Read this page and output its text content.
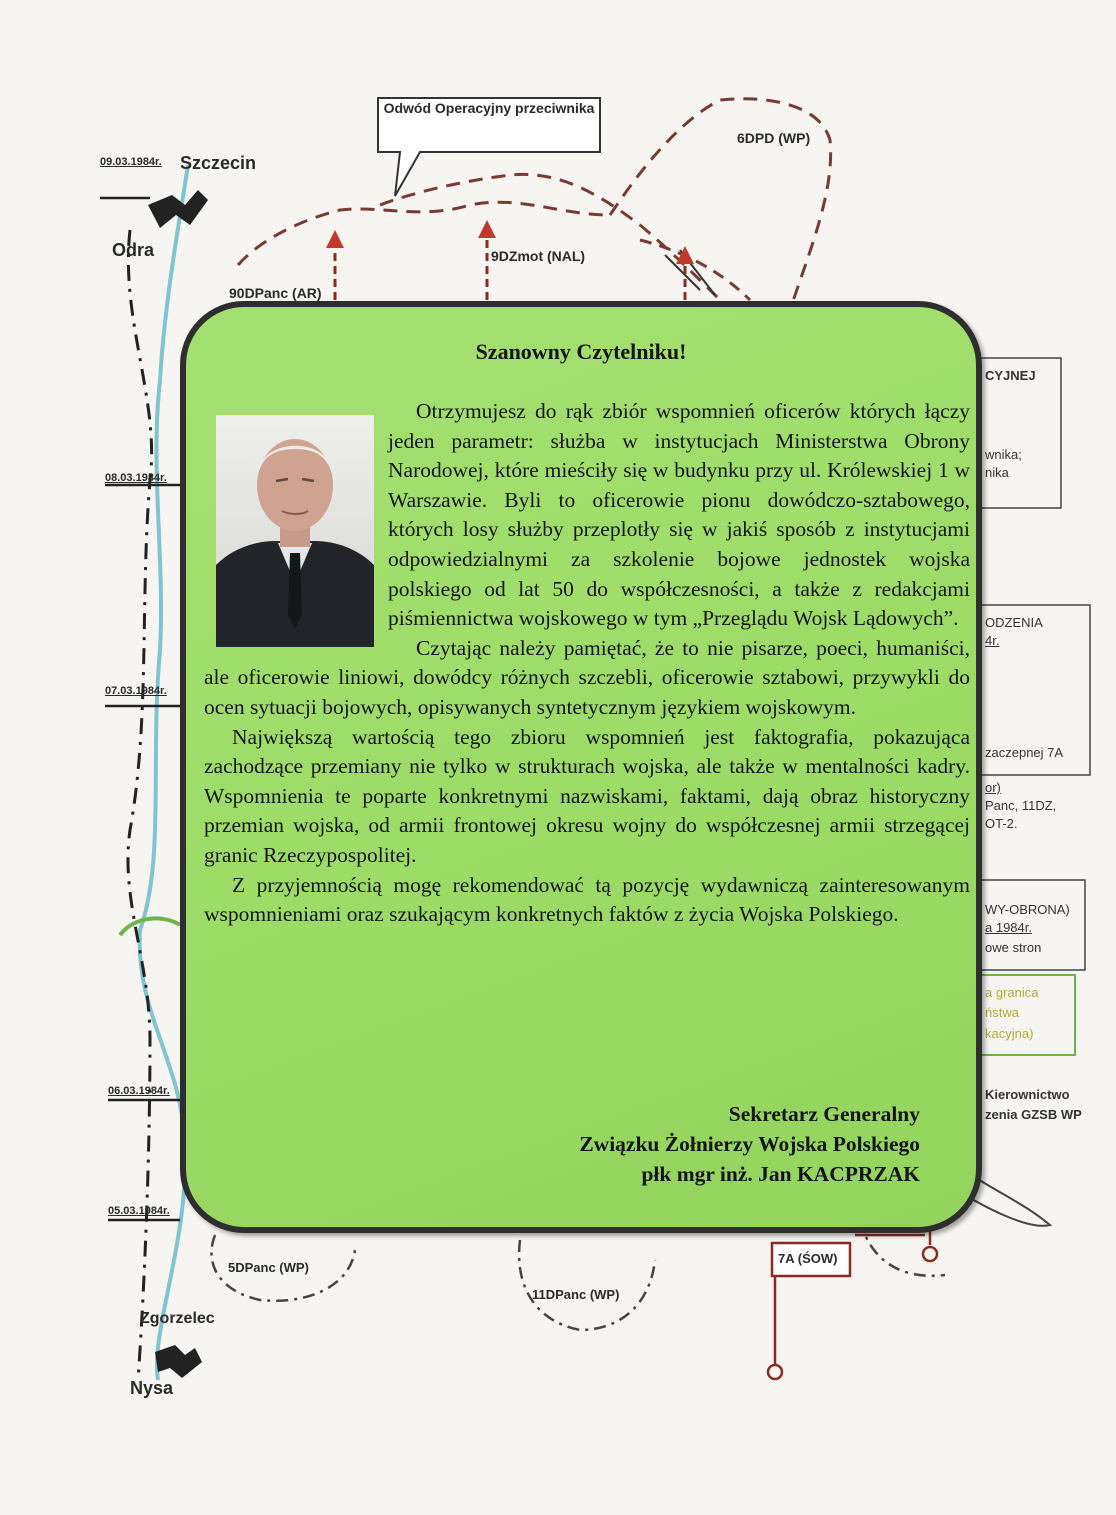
Odwód Operacyjny przeciwnika
Szczecin
Zgorzelec
Nysa
Odra
09.03.1984r.
08.03.1984r.
07.03.1984r.
06.03.1984r.
05.03.1984r.
6DPD (WP)
9DZmot (NAL)
90DPanc (AR)
5DPanc (WP)
11DPanc (WP)
7A (ŚOW)
CYJNEJ
wnika;
nika
ODZENIA
4r.
zaczepnej 7A
or)
Panc, 11DZ,
OT-2.
WY-OBRONA)
a 1984r.
owe stron
a granica
ństwa
kacyjna)
Kierownictwo
zenia GZSB WP
Szanowny Czytelniku!

Otrzymujesz do rąk zbiór wspomnień oficerów których łączy jeden parametr: służba w instytucjach Ministerstwa Obrony Narodowej, które mieściły się w budynku przy ul. Królewskiej 1 w Warszawie. Byli to oficerowie pionu dowódczo-sztabowego, których losy służby przeplotły się w jakiś sposób z instytucjami odpowiedzialnymi za szkolenie bojowe jednostek wojska polskiego od lat 50 do współczesności, a także z redakcjami piśmiennictwa wojskowego w tym „Przeglądu Wojsk Lądowych”.

Czytając należy pamiętać, że to nie pisarze, poeci, humaniści, ale oficerowie liniowi, dowódcy różnych szczebli, oficerowie sztabowi, przywykli do ocen sytuacji bojowych, opisywanych syntetycznym językiem wojskowym.

Największą wartością tego zbioru wspomnień jest faktografia, pokazująca zachodzące przemiany nie tylko w strukturach wojska, ale także w mentalności kadry. Wspomnienia te poparte konkretnymi nazwiskami, faktami, dają obraz historyczny przemian wojska, od armii frontowej okresu wojny do współczesnej armii strzegącej granic Rzeczypospolitej.

Z przyjemnością mogę rekomendować tą pozycję wydawniczą zainteresowanym wspomnieniami oraz szukającym konkretnych faktów z życia Wojska Polskiego.

Sekretarz Generalny
Związku Żołnierzy Wojska Polskiego
płk mgr inż. Jan KACPRZAK
